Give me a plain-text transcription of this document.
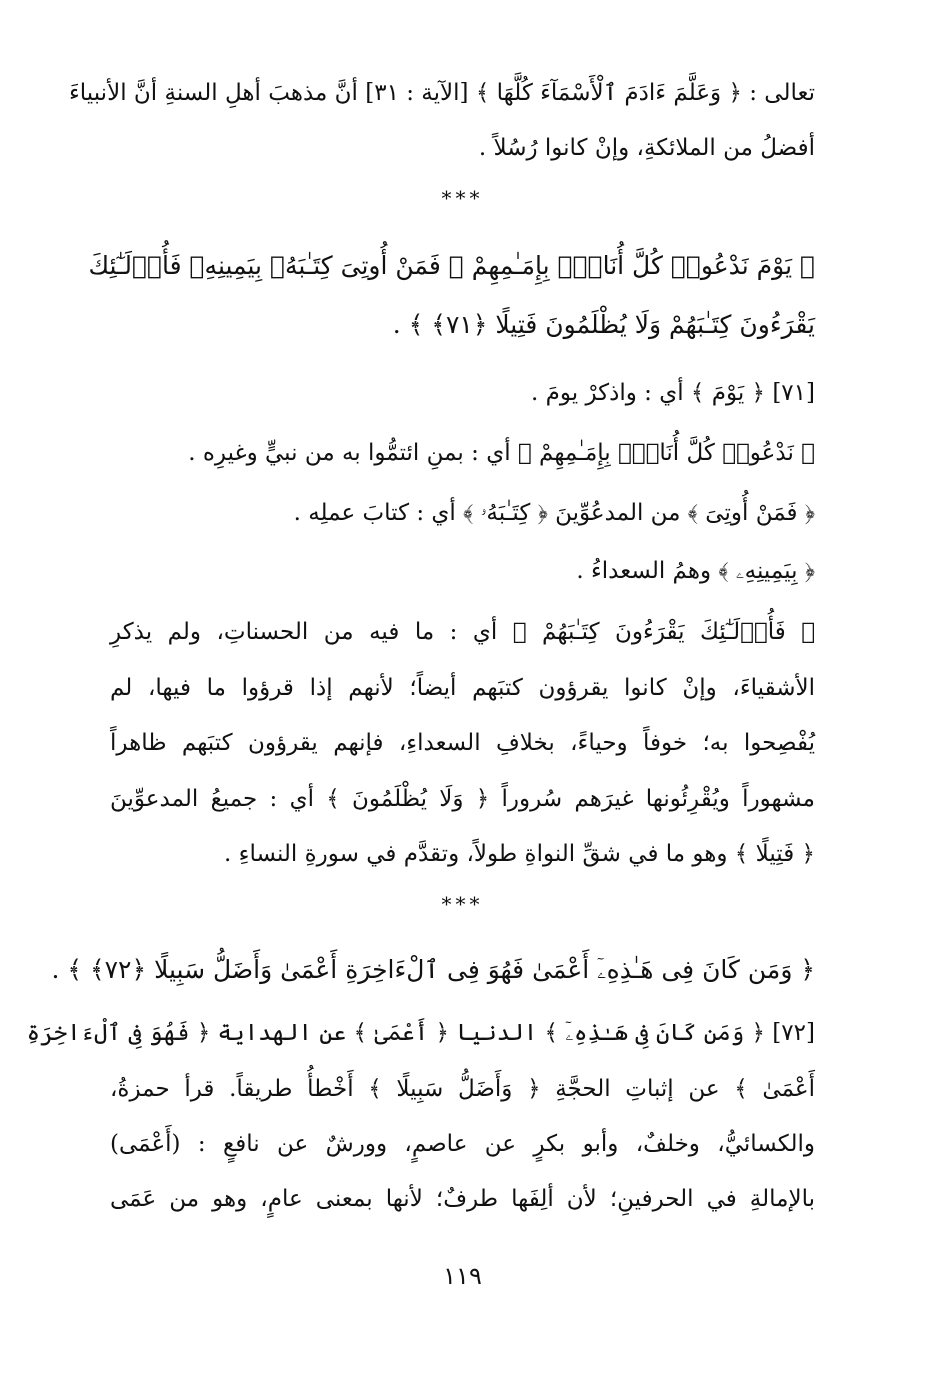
تعالى : ﴿ وَعَلَّمَ ءَادَمَ ٱلْأَسْمَآءَ كُلَّهَا ﴾ [الآية : ٣١] أنَّ مذهبَ أهلِ السنةِ أنَّ الأنبياءَ
أفضلُ من الملائكةِ، وإنْ كانوا رُسُلاً .
***
﴿ يَوْمَ نَدْعُوا۟ كُلَّ أُنَاسٍۭ بِإِمَـٰمِهِمْ ۖ فَمَنْ أُوتِىَ كِتَـٰبَهُۥ بِيَمِينِهِۦ فَأُو۟لَـٰٓئِكَ
يَقْرَءُونَ كِتَـٰبَهُمْ وَلَا يُظْلَمُونَ فَتِيلًا ﴿٧١﴾ ﴾ .
[٧١] ﴿ يَوْمَ ﴾ أي : واذكرْ يومَ .
﴿ نَدْعُوا۟ كُلَّ أُنَاسٍۭ بِإِمَـٰمِهِمْ ﴾ أي : بمنِ ائتمُّوا به من نبيٍّ وغيرِه .
﴿ فَمَنْ أُوتِىَ ﴾ من المدعُوِّينَ ﴿ كِتَـٰبَهُۥ ﴾ أي : كتابَ عملِه .
﴿ بِيَمِينِهِۦ ﴾ وهمُ السعداءُ .
﴿ فَأُو۟لَـٰٓئِكَ يَقْرَءُونَ كِتَـٰبَهُمْ ﴾ أي : ما فيه من الحسناتِ، ولم يذكرِ
الأشقياءَ، وإنْ كانوا يقرؤون كتبَهم أيضاً؛ لأنهم إذا قرؤوا ما فيها، لم
يُفْصِحوا به؛ خوفاً وحياءً، بخلافِ السعداءِ، فإنهم يقرؤون كتبَهم ظاهراً
مشهوراً ويُقْرِئُونها غيرَهم سُروراً ﴿ وَلَا يُظْلَمُونَ ﴾ أي : جميعُ المدعوِّينَ
﴿ فَتِيلًا ﴾ وهو ما في شقِّ النواةِ طولاً، وتقدَّم في سورةِ النساءِ .
***
﴿ وَمَن كَانَ فِى هَـٰذِهِۦٓ أَعْمَىٰ فَهُوَ فِى ٱلْءَاخِرَةِ أَعْمَىٰ وَأَضَلُّ سَبِيلًا ﴿٧٢﴾ ﴾ .
[٧٢] ﴿ وَمَن كَانَ فِى هَـٰذِهِۦٓ ﴾ الدنيا ﴿ أَعْمَىٰ ﴾ عن الهداية ﴿ فَهُوَ فِى ٱلْءَاخِرَةِ
أَعْمَىٰ ﴾ عن إثباتِ الحجَّةِ ﴿ وَأَضَلُّ سَبِيلًا ﴾ أَخْطأُ طريقاً. قرأ حمزةُ،
والكسائيُّ، وخلفٌ، وأبو بكرٍ عن عاصمٍ، وورشٌ عن نافعٍ : (أَعْمَى)
بالإمالةِ في الحرفينِ؛ لأن ألِفَها طرفٌ؛ لأنها بمعنى عامٍ، وهو من عَمَى
١١٩
